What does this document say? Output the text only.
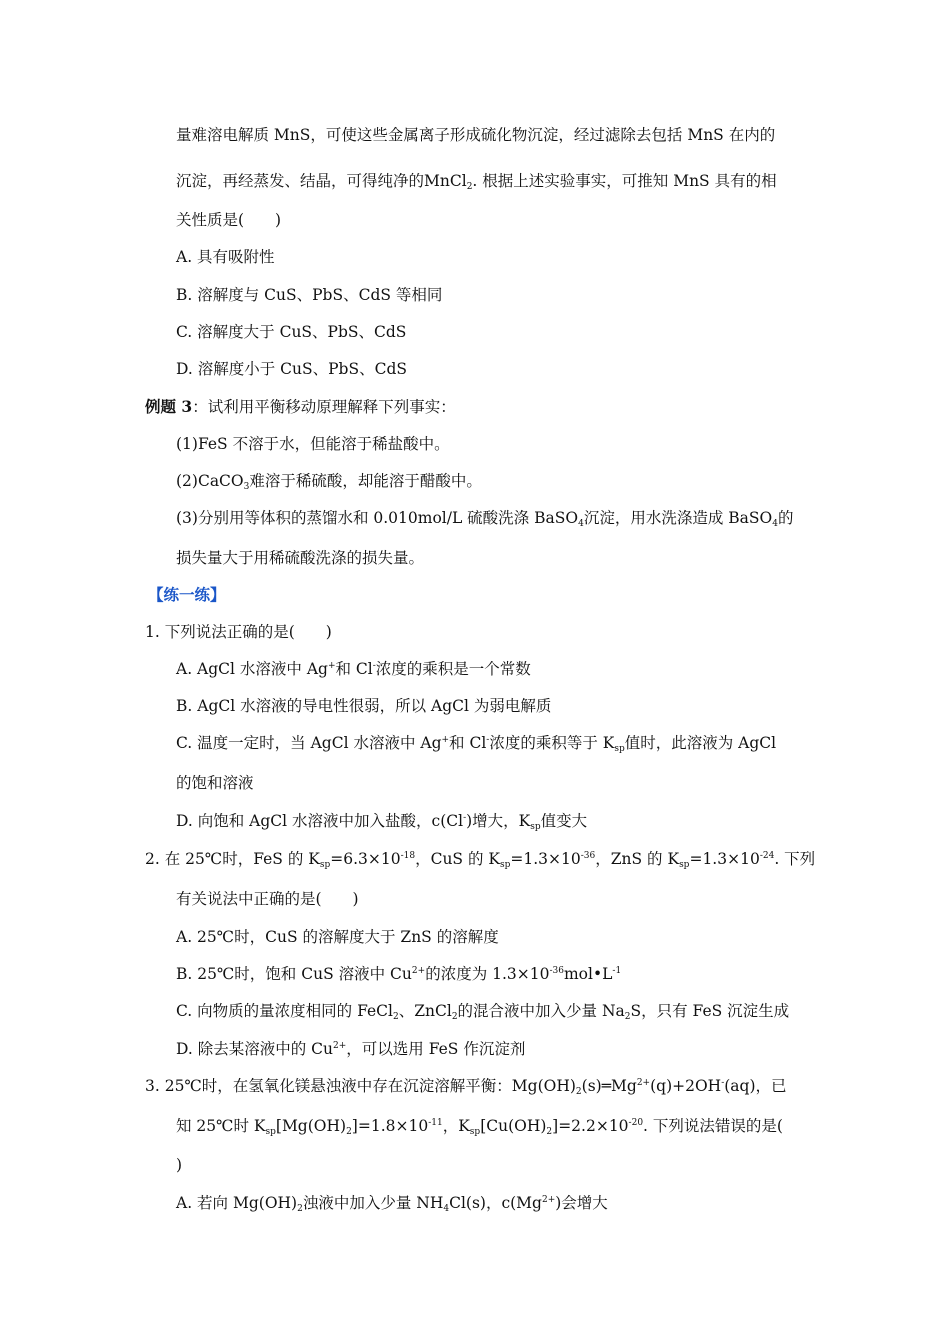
量难溶电解质 MnS，可使这些金属离子形成硫化物沉淀，经过滤除去包括 MnS 在内的
沉淀，再经蒸发、结晶，可得纯净的MnCl$_2$. 根据上述实验事实，可推知 MnS 具有的相
关性质是(　　)
A. 具有吸附性
B. 溶解度与 CuS、PbS、CdS 等相同
C. 溶解度大于 CuS、PbS、CdS
D. 溶解度小于 CuS、PbS、CdS
例题 3：试利用平衡移动原理解释下列事实：
(1)FeS 不溶于水，但能溶于稀盐酸中。
(2)CaCO$_3$难溶于稀硫酸，却能溶于醋酸中。
(3)分别用等体积的蒸馏水和 0.010mol/L 硫酸洗涤 BaSO$_4$沉淀，用水洗涤造成 BaSO$_4$的
损失量大于用稀硫酸洗涤的损失量。
【练一练】
1. 下列说法正确的是(　　)
A. AgCl 水溶液中 Ag+和 Cl-浓度的乘积是一个常数
B. AgCl 水溶液的导电性很弱，所以 AgCl 为弱电解质
C. 温度一定时，当 AgCl 水溶液中 Ag+和 Cl-浓度的乘积等于 $K_{sp}$值时，此溶液为 AgCl
的饱和溶液
D. 向饱和 AgCl 水溶液中加入盐酸，c(Cl-)增大，$K_{sp}$值变大
2. 在 25℃时，FeS 的 $K_{sp}=6.3\times 10^{-18}$，CuS 的 $K_{sp}=1.3\times 10^{-36}$，ZnS 的 $K_{sp}=1.3\times 10^{-24}$. 下列
有关说法中正确的是(　　)
A. 25℃时，CuS 的溶解度大于 ZnS 的溶解度
B. 25℃时，饱和 CuS 溶液中 $Cu^{2+}$的浓度为 $1.3\times 10^{-36}mol•L^{-1}$
C. 向物质的量浓度相同的 FeCl$_2$、ZnCl$_2$的混合液中加入少量 $Na_2S$，只有 FeS 沉淀生成
D. 除去某溶液中的 $Cu^{2+}$，可以选用 FeS 作沉淀剂
3. 25℃时，在氢氧化镁悬浊液中存在沉淀溶解平衡：$Mg(OH)_2(s)═Mg^{2+}(q)+2OH^-(aq)$，已
知 25℃时 $K_{sp}[Mg(OH)_2]=1.8\times 10^{-11}$，$K_{sp}[Cu(OH)_2]=2.2\times 10^{-20}$. 下列说法错误的是(
)
A. 若向 $Mg(OH)_2$浊液中加入少量 $NH_4Cl(s)$，$c(Mg^{2+})$会增大
